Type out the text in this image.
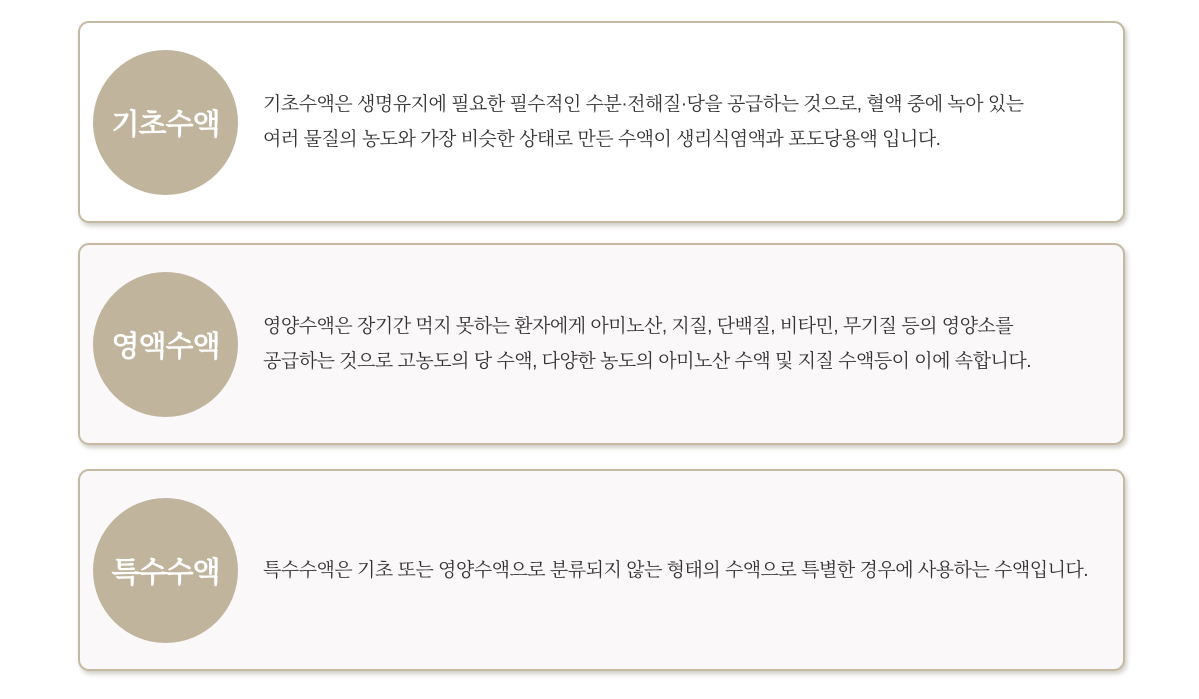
기초수액
기초수액은 생명유지에 필요한 필수적인 수분·전해질·당을 공급하는 것으로, 혈액 중에 녹아 있는
여러 물질의 농도와 가장 비슷한 상태로 만든 수액이 생리식염액과 포도당용액 입니다.
영액수액
영양수액은 장기간 먹지 못하는 환자에게 아미노산, 지질, 단백질, 비타민, 무기질 등의 영양소를
공급하는 것으로 고농도의 당 수액, 다양한 농도의 아미노산 수액 및 지질 수액등이 이에 속합니다.
특수수액	특수수액은 기초 또는 영양수액으로 분류되지 않는 형태의 수액으로 특별한 경우에 사용하는 수액입니다.
